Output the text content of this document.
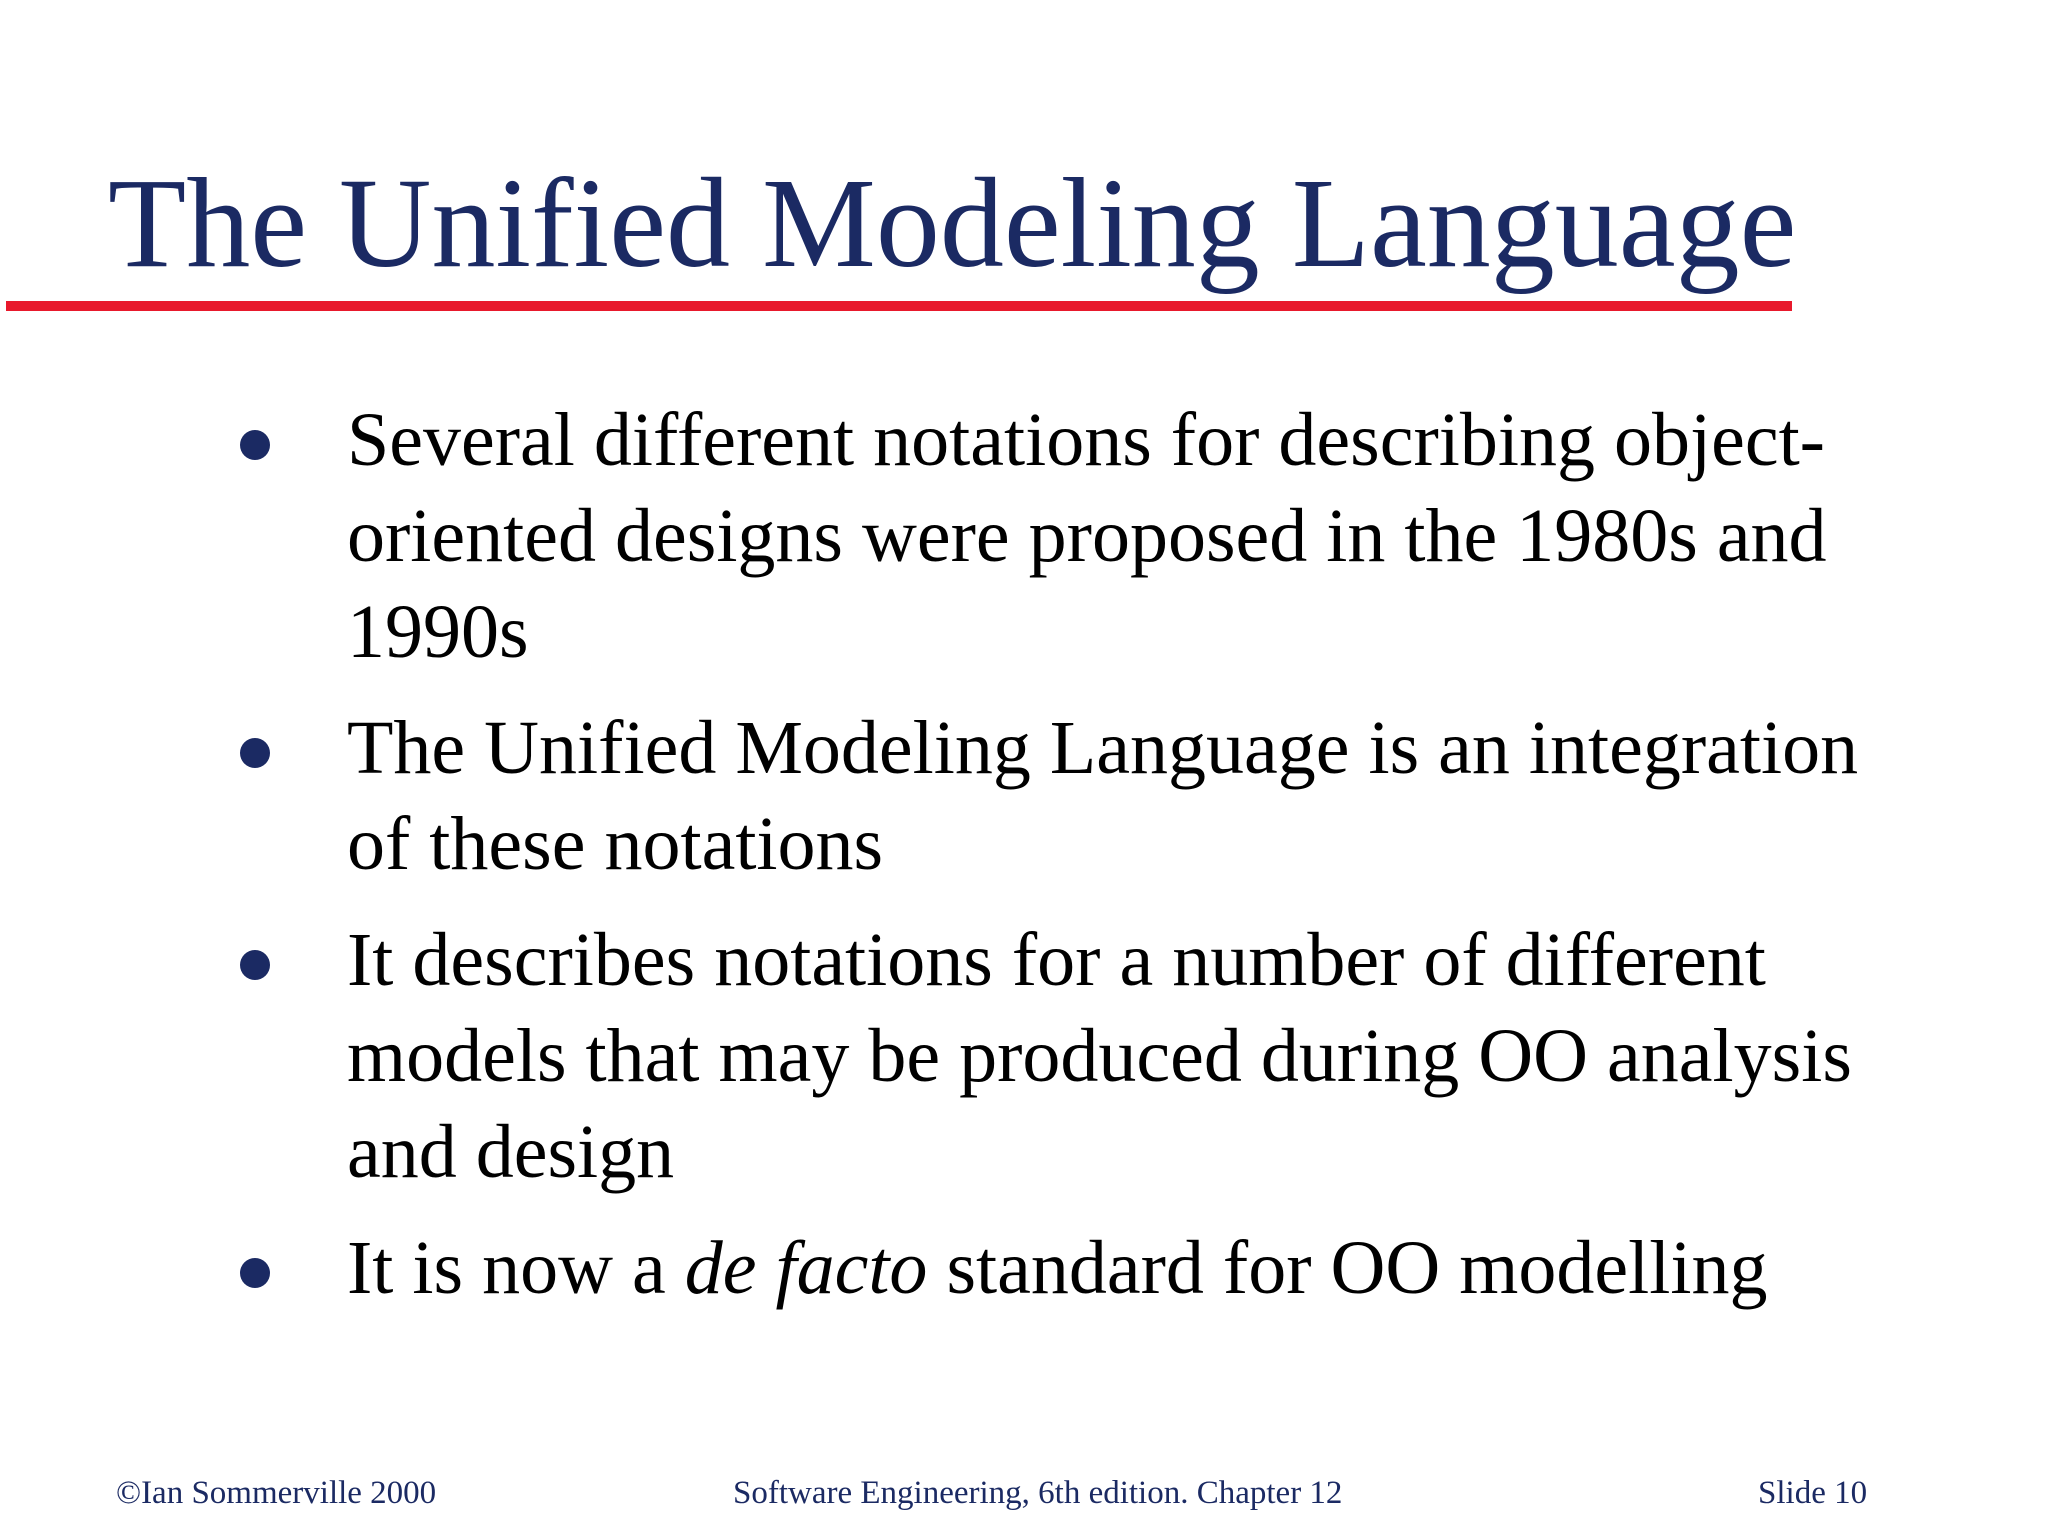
The Unified Modeling Language
Several different notations for describing object-oriented designs were proposed in the 1980s and 1990s
The Unified Modeling Language is an integration of these notations
It describes notations for a number of different models that may be produced during OO analysis and design
It is now a de facto standard for OO modelling
©Ian Sommerville 2000	Software Engineering, 6th edition. Chapter 12	Slide 10
